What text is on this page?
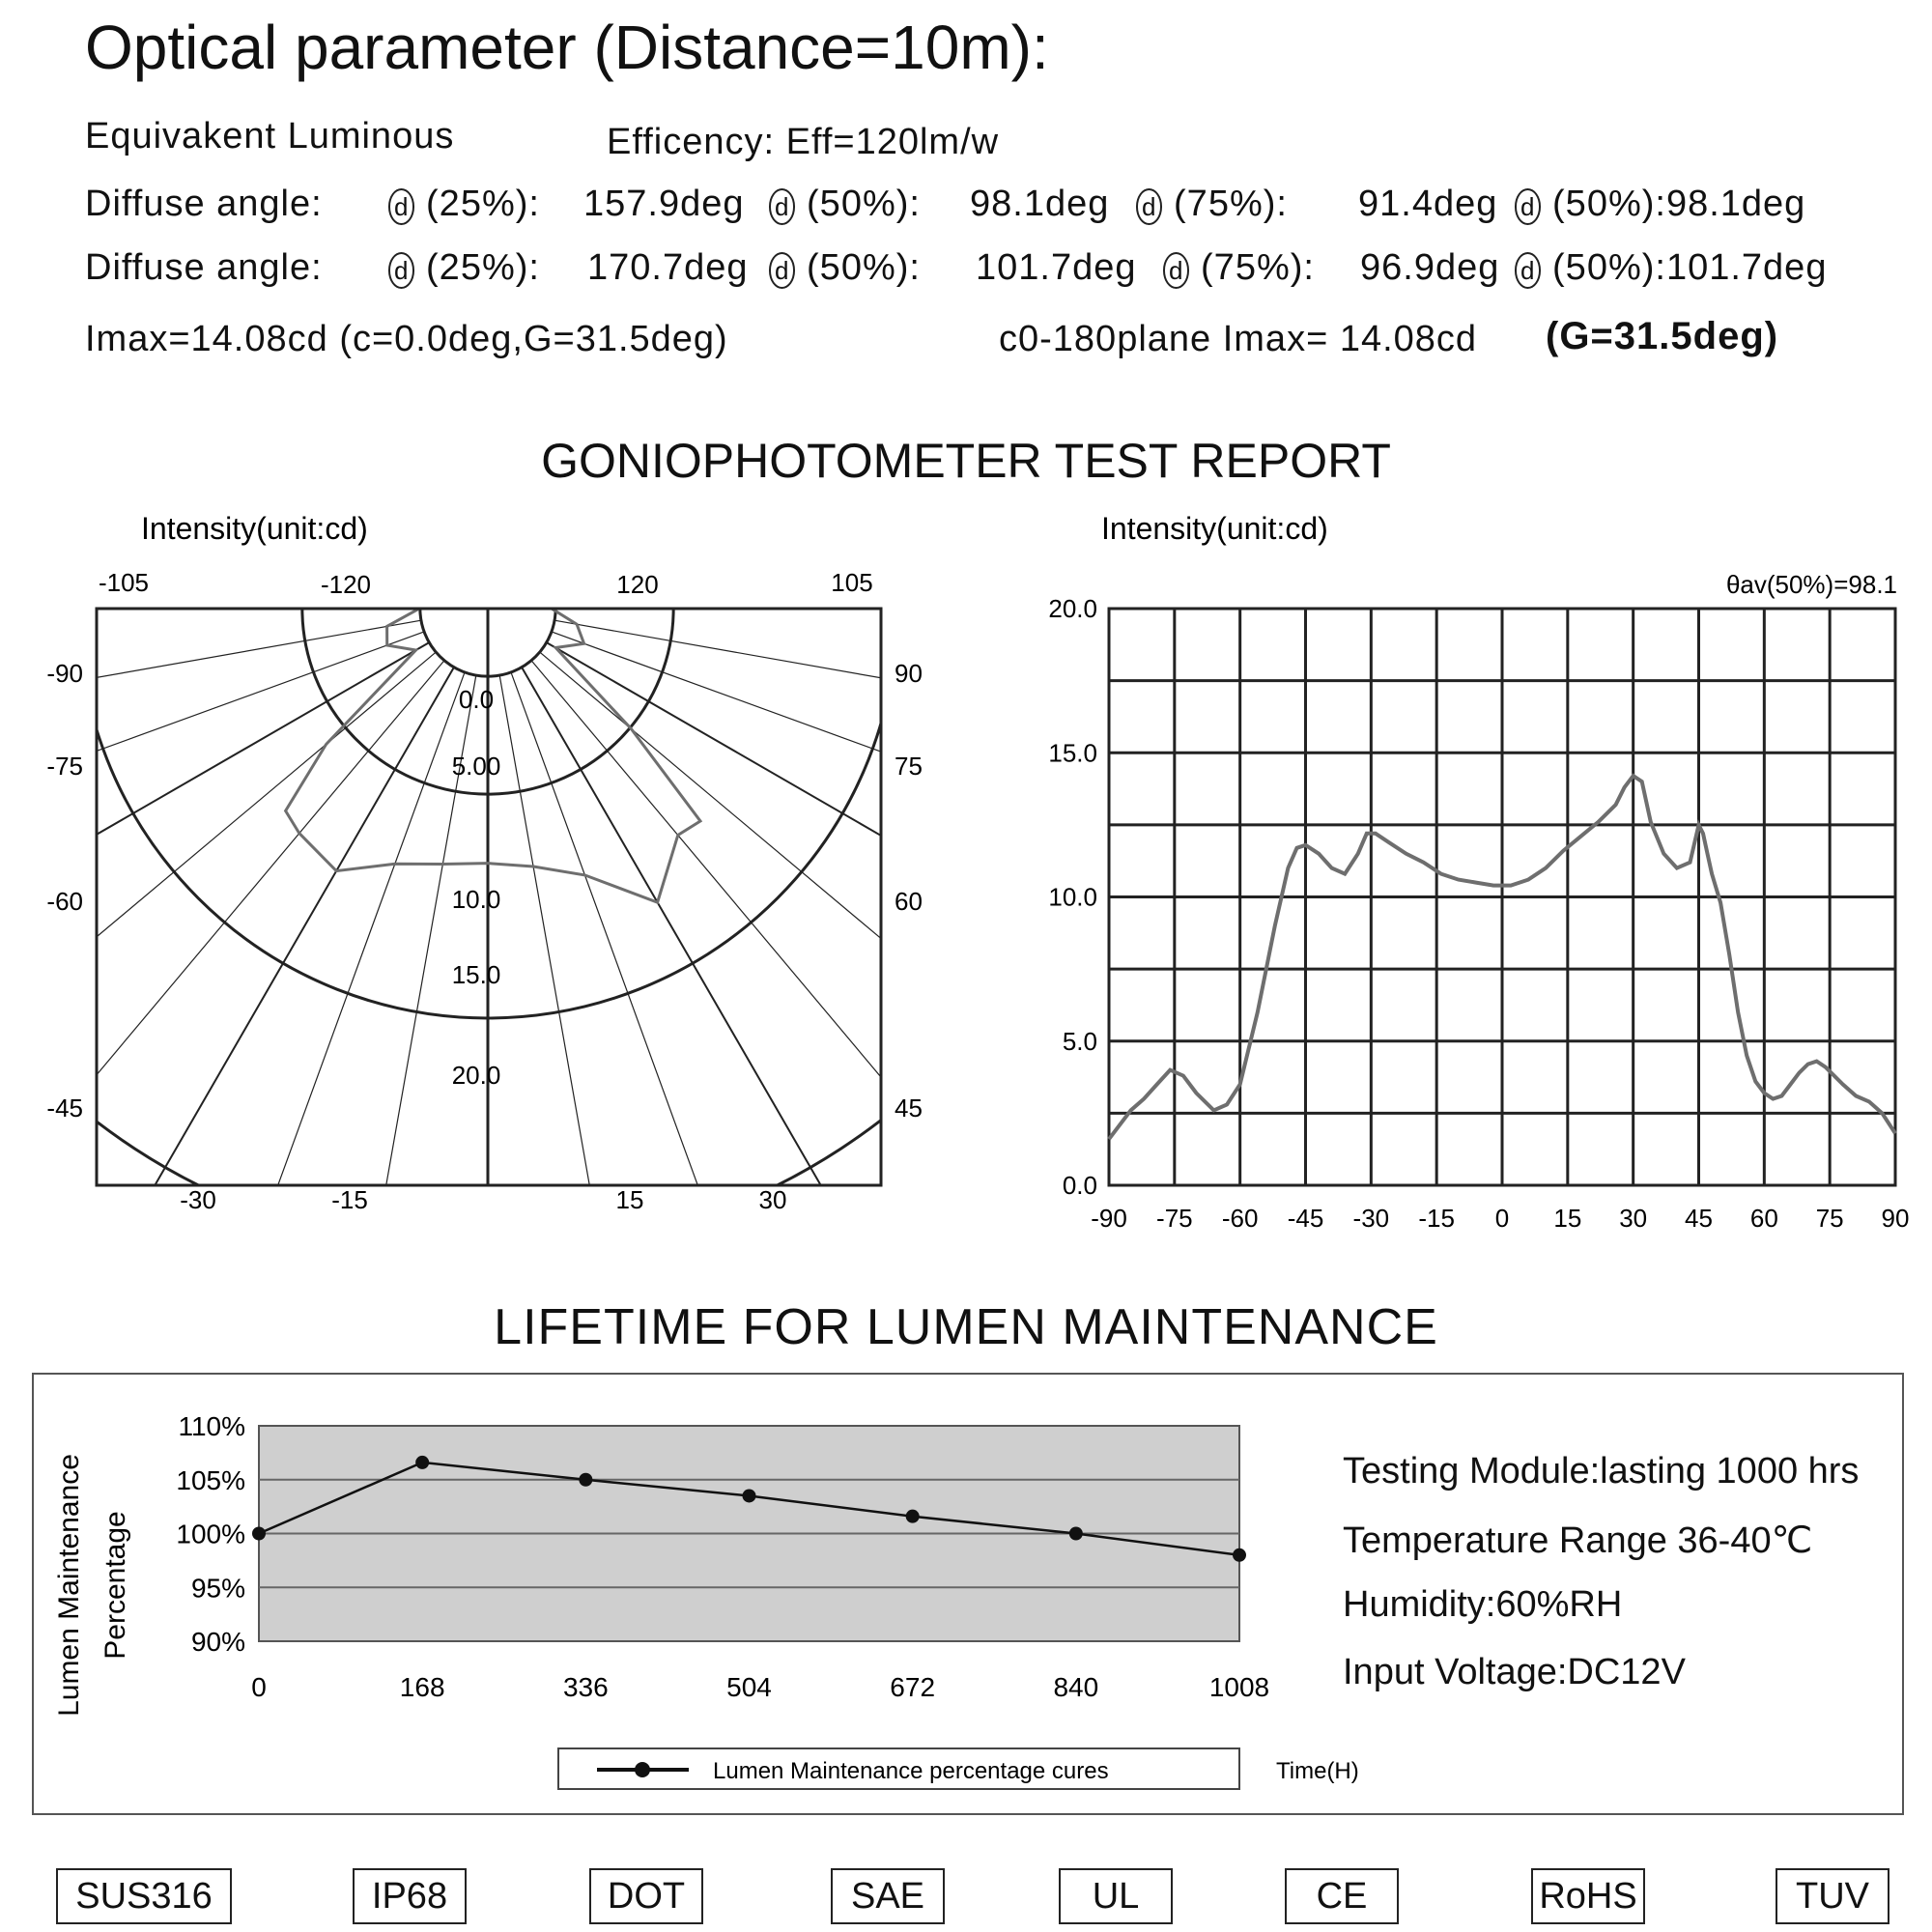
Optical parameter (Distance=10m):
Equivakent Luminous	Efficency: Eff=120lm/w
Diffuse angle:	d (25%): 157.9deg d (50%): 98.1deg d (75%): 91.4deg d (50%):98.1deg
Diffuse angle:	d (25%): 170.7deg d (50%): 101.7deg d (75%): 96.9deg d (50%):101.7deg
Imax=14.08cd (c=0.0deg,G=31.5deg)	c0-180plane Imax= 14.08cd (G=31.5deg)
GONIOPHOTOMETER TEST REPORT
Intensity(unit:cd)
-105	-120	120	105
-90
-75
-60
-45
90
75
60
45
-30	-15	15	30
0.0
5.00
10.0
15.0
20.0
Intensity(unit:cd)
θav(50%)=98.1
-90 -75 -60 -45 -30 -15 0 15 30 45 60 75 90
0.0
5.0
10.0
15.0
20.0
LIFETIME FOR LUMEN MAINTENANCE
Lumen Maintenance Percentage
110%
105%
100%
95%
90%
0	168	336	504	672	840	1008
Lumen Maintenance percentage cures	Time(H)
Testing Module:lasting 1000 hrs
Temperature Range 36-40℃
Humidity:60%RH
Input Voltage:DC12V
SUS316	IP68	DOT	SAE	UL	CE	RoHS	TUV
